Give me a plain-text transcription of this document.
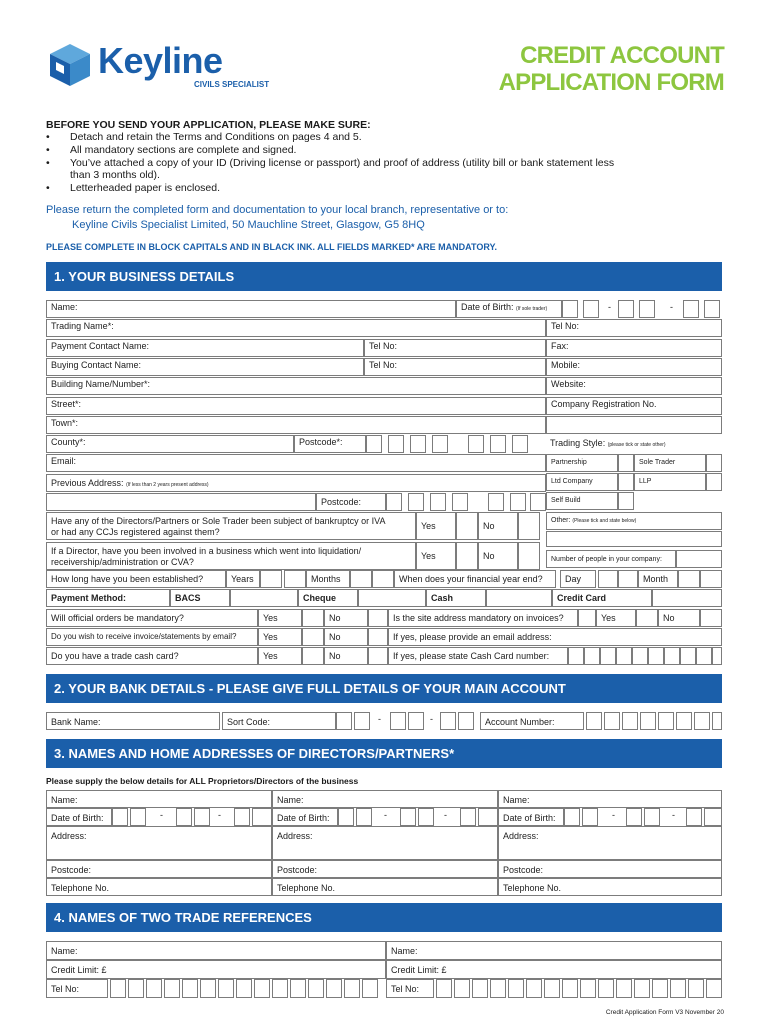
Keyline
CIVILS SPECIALIST
CREDIT ACCOUNT
APPLICATION FORM
BEFORE YOU SEND YOUR APPLICATION, PLEASE MAKE SURE:
• Detach and retain the Terms and Conditions on pages 4 and 5.
• All mandatory sections are complete and signed.
• You’ve attached a copy of your ID (Driving license or passport) and proof of address (utility bill or bank statement less
than 3 months old).
• Letterheaded paper is enclosed.
Please return the completed form and documentation to your local branch, representative or to:
Keyline Civils Specialist Limited, 50 Mauchline Street, Glasgow, G5 8HQ
PLEASE COMPLETE IN BLOCK CAPITALS AND IN BLACK INK. ALL FIELDS MARKED* ARE MANDATORY.
1. YOUR BUSINESS DETAILS
Name:	Date of Birth: (If sole trader)	-	-
Trading Name*:	Tel No:
Payment Contact Name:	Tel No:	Fax:
Buying Contact Name:	Tel No:	Mobile:
Building Name/Number*:	Website:
Street*:	Company Registration No.
Town*:
County*:	Postcode*:	Trading Style: (please tick or state other)
Email:	Partnership	Sole Trader
Previous Address: (If less than 2 years present address)	Ltd Company	LLP
Postcode:	Self Build
Have any of the Directors/Partners or Sole Trader been subject of bankruptcy or IVA
or had any CCJs registered against them?
Yes	No
Other: (Please tick and state below)
If a Director, have you been involved in a business which went into liquidation/
receivership/administration or CVA?
Yes	No	Number of people in your company:
How long have you been established?	Years	Months	When does your financial year end?	Day	Month
Payment Method:	BACS	Cheque	Cash	Credit Card
Will official orders be mandatory?	Yes	No	Is the site address mandatory on invoices?	Yes	No
Do you wish to receive invoice/statements by email?	Yes	No	If yes, please provide an email address:
Do you have a trade cash card?	Yes	No	If yes, please state Cash Card number:
2. YOUR BANK DETAILS - PLEASE GIVE FULL DETAILS OF YOUR MAIN ACCOUNT
Bank Name:	Sort Code:	-	-	Account Number:
3. NAMES AND HOME ADDRESSES OF DIRECTORS/PARTNERS*
Please supply the below details for ALL Proprietors/Directors of the business
Name:
Date of Birth:	-	-
Address:
Postcode:
Telephone No.
Name:
Date of Birth:	-	-
Address:
Postcode:
Telephone No.
Name:
Date of Birth:	-	-
Address:
Postcode:
Telephone No.
4. NAMES OF TWO TRADE REFERENCES
Name:
Credit Limit: £
Tel No:
Name:
Credit Limit: £
Tel No:
Credit Application Form V3 November 20
